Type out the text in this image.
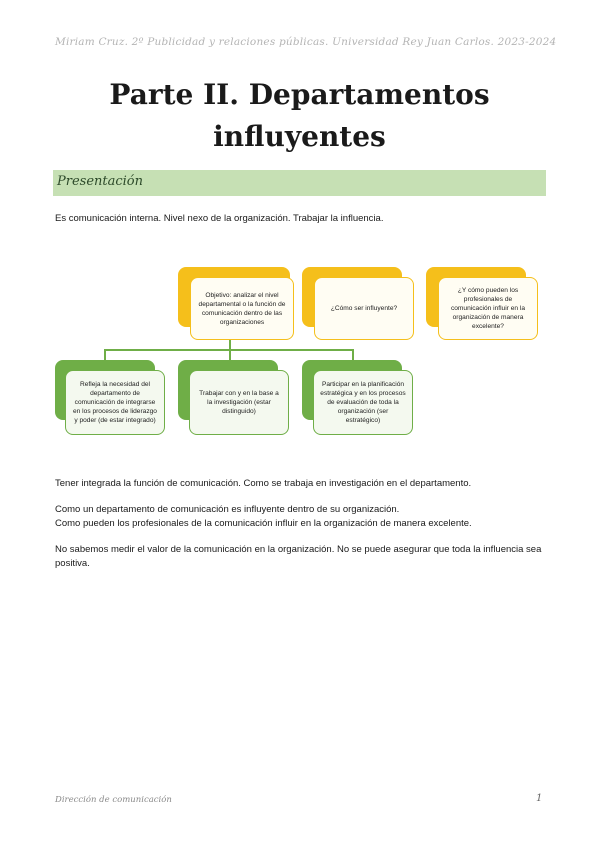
Miriam Cruz. 2º Publicidad y relaciones públicas. Universidad Rey Juan Carlos. 2023-2024
Parte II. Departamentos
influyentes
Presentación
Es comunicación interna. Nivel nexo de la organización. Trabajar la influencia.
Objetivo: analizar el nivel departamental o la función de comunicación dentro de las organizaciones
¿Cómo ser influyente?
¿Y cómo pueden los profesionales de comunicación influir en la organización de manera excelente?
Refleja la necesidad del departamento de comunicación de integrarse en los procesos de liderazgo y poder (de estar integrado)
Trabajar con y en la base a la investigación (estar distinguido)
Participar en la planificación estratégica y en los procesos de evaluación de toda la organización (ser estratégico)
Tener integrada la función de comunicación. Como se trabaja en investigación en el departamento.
Como un departamento de comunicación es influyente dentro de su organización.
Como pueden los profesionales de la comunicación influir en la organización de manera excelente.
No sabemos medir el valor de la comunicación en la organización. No se puede asegurar que toda la influencia sea positiva.
Dirección de comunicación	1
